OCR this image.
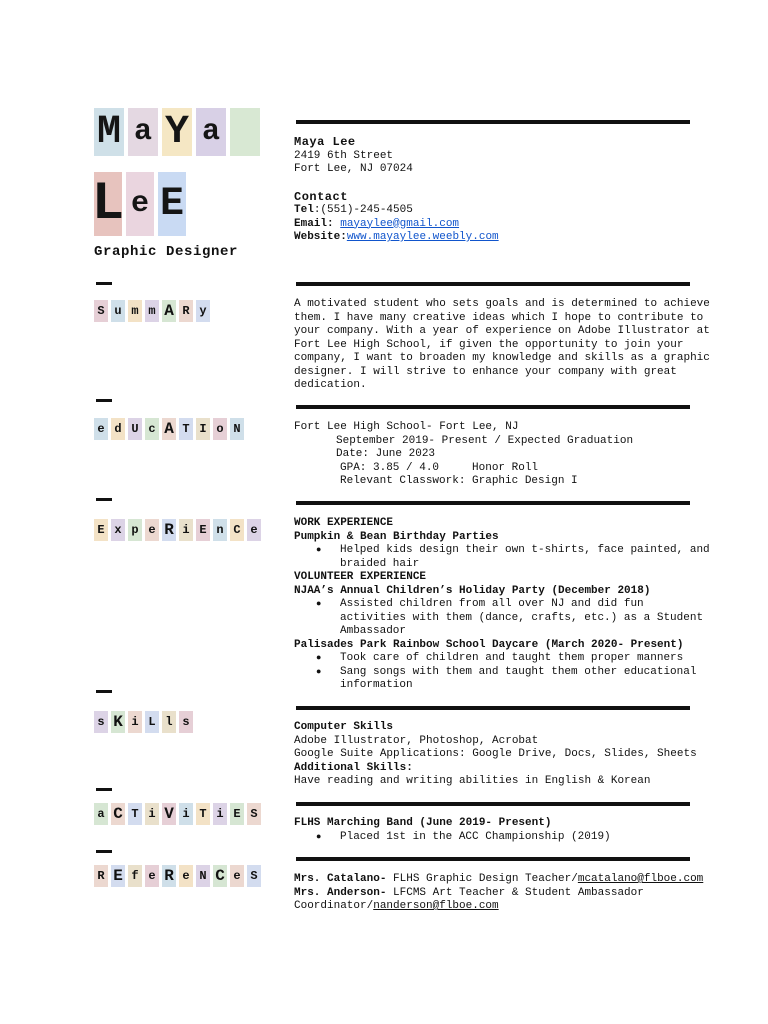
M a Y a
L e E
Graphic Designer
S u m m A R y
e d U c A T I o N
E x p e R i E n C e
s K i L l s
a C T i V i T i E S
R E f e R e N C e S
Maya Lee
2419 6th Street
Fort Lee, NJ 07024
Contact
Tel:(551)-245-4505
Email: mayaylee@gmail.com
Website:www.mayaylee.weebly.com
A motivated student who sets goals and is determined to achieve them. I have many creative ideas which I hope to contribute to your company. With a year of experience on Adobe Illustrator at Fort Lee High School, if given the opportunity to join your company, I want to broaden my knowledge and skills as a graphic designer. I will strive to enhance your company with great dedication.
Fort Lee High School- Fort Lee, NJ
September 2019- Present / Expected Graduation
Date: June 2023
GPA: 3.85 / 4.0     Honor Roll
Relevant Classwork: Graphic Design I
WORK EXPERIENCE
Pumpkin & Bean Birthday Parties
● Helped kids design their own t-shirts, face painted, and braided hair
VOLUNTEER EXPERIENCE
NJAA’s Annual Children’s Holiday Party (December 2018)
● Assisted children from all over NJ and did fun activities with them (dance, crafts, etc.) as a Student Ambassador
Palisades Park Rainbow School Daycare (March 2020- Present)
● Took care of children and taught them proper manners
● Sang songs with them and taught them other educational information
Computer Skills
Adobe Illustrator, Photoshop, Acrobat
Google Suite Applications: Google Drive, Docs, Slides, Sheets
Additional Skills:
Have reading and writing abilities in English & Korean
FLHS Marching Band (June 2019- Present)
● Placed 1st in the ACC Championship (2019)
Mrs. Catalano- FLHS Graphic Design Teacher/mcatalano@flboe.com
Mrs. Anderson- LFCMS Art Teacher & Student Ambassador
Coordinator/nanderson@flboe.com
